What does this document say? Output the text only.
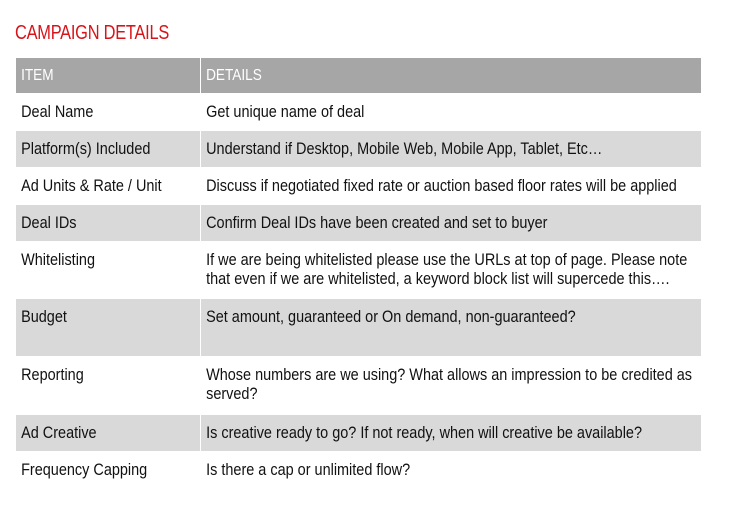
CAMPAIGN DETAILS
ITEM	DETAILS

Deal Name	Get unique name of deal

Platform(s) Included	Understand if Desktop, Mobile Web, Mobile App, Tablet, Etc…

Ad Units & Rate / Unit	Discuss if negotiated fixed rate or auction based floor rates will be applied

Deal IDs	Confirm Deal IDs have been created and set to buyer

Whitelisting	If we are being whitelisted please use the URLs at top of page. Please note that even if we are whitelisted, a keyword block list will supercede this….

Budget	Set amount, guaranteed or On demand, non-guaranteed?

Reporting	Whose numbers are we using? What allows an impression to be credited as served?

Ad Creative	Is creative ready to go? If not ready, when will creative be available?

Frequency Capping	Is there a cap or unlimited flow?
